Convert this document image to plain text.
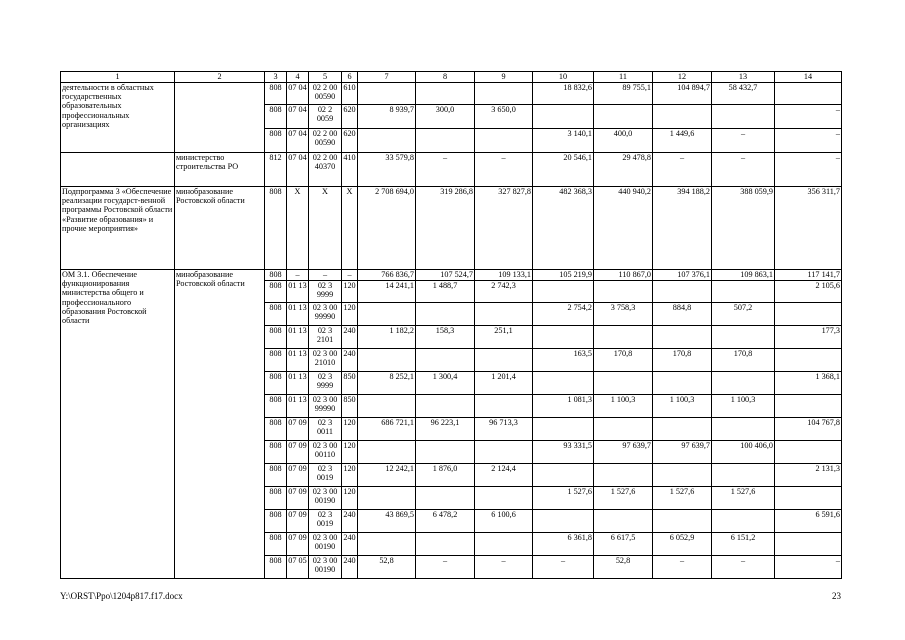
1	2	3	4	5	6	7	8	9	10	11	12	13	14
деятельности в областных государственных образовательных профессиональных организациях		808	07 04	02 2 00 00590	610				18 832,6	89 755,1	104 894,7	58 432,7	
		808	07 04	02 2 0059	620	8 939,7	300,0	3 650,0					–
		808	07 04	02 2 00 00590	620				3 140,1	400,0	1 449,6	–	–
	министерство строительства РО	812	07 04	02 2 00 40370	410	33 579,8	–	–	20 546,1	29 478,8	–	–	–
Подпрограмма 3 «Обеспечение реализации государст-венной программы Ростовской области «Развитие образования» и прочие мероприятия»	минобразование Ростовской области	808	Х	Х	Х	2 708 694,0	319 286,8	327 827,8	482 368,3	440 940,2	394 188,2	388 059,9	356 311,7
ОМ 3.1. Обеспечение функционирования министерства общего и профессионального образования Ростовской области	минобразование Ростовской области	808	–	–	–	766 836,7	107 524,7	109 133,1	105 219,9	110 867,0	107 376,1	109 863,1	117 141,7
		808	01 13	02 3 9999	120	14 241,1	1 488,7	2 742,3					2 105,6
		808	01 13	02 3 00 99990	120				2 754,2	3 758,3	884,8	507,2	
		808	01 13	02 3 2101	240	1 182,2	158,3	251,1					177,3
		808	01 13	02 3 00 21010	240				163,5	170,8	170,8	170,8	
		808	01 13	02 3 9999	850	8 252,1	1 300,4	1 201,4					1 368,1
		808	01 13	02 3 00 99990	850				1 081,3	1 100,3	1 100,3	1 100,3	
		808	07 09	02 3 0011	120	686 721,1	96 223,1	96 713,3					104 767,8
		808	07 09	02 3 00 00110	120				93 331,5	97 639,7	97 639,7	100 406,0	
		808	07 09	02 3 0019	120	12 242,1	1 876,0	2 124,4					2 131,3
		808	07 09	02 3 00 00190	120				1 527,6	1 527,6	1 527,6	1 527,6	
		808	07 09	02 3 0019	240	43 869,5	6 478,2	6 100,6					6 591,6
		808	07 09	02 3 00 00190	240				6 361,8	6 617,5	6 052,9	6 151,2	
		808	07 05	02 3 00 00190	240	52,8	–	–	–	52,8	–	–	–
Y:\ORST\Ppo\1204p817.f17.docx	23
